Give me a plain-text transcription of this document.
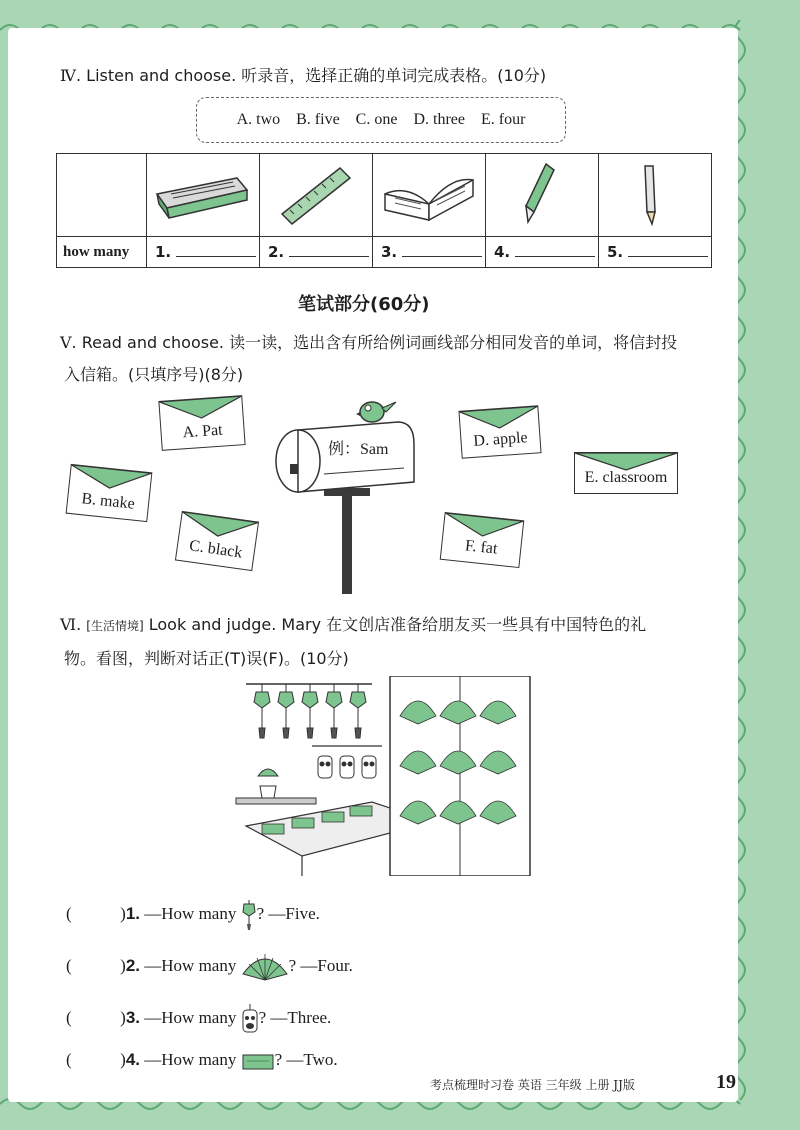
Ⅳ. Listen and choose. 听录音，选择正确的单词完成表格。(10分)
A. two B. five C. one D. three E. four

how many	1.	2.	3.	4.	5.
笔试部分(60分)
Ⅴ. Read and choose. 读一读，选出含有所给例词画线部分相同发音的单词，将信封投
入信箱。(只填序号)(8分)
例：Sam
A. Pat
B. make
C. black
D. apple
E. classroom
F. fat
Ⅵ. [生活情境] Look and judge. Mary 在文创店准备给朋友买一些具有中国特色的礼
物。看图，判断对话正(T)误(F)。(10分)
(	)1. —How many ? —Five.
(	)2. —How many	? —Four.
(	)3. —How many ? —Three.
(	)4. —How many ? —Two.
考点梳理时习卷 英语 三年级 上册 JJ版	19
